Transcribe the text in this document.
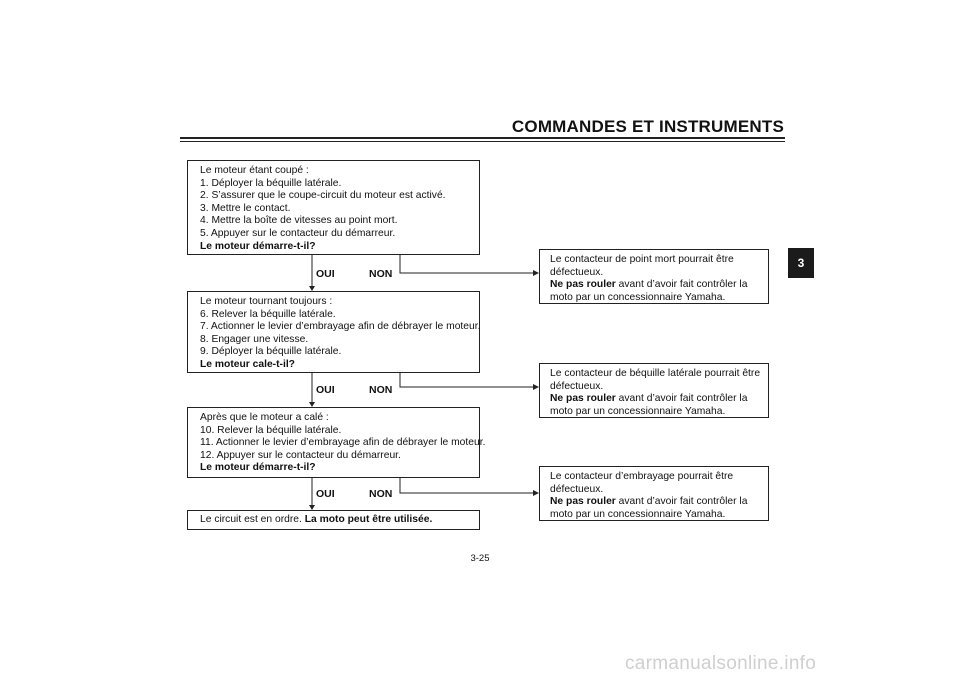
COMMANDES ET INSTRUMENTS
3
Le moteur étant coupé :
1. Déployer la béquille latérale.
2. S’assurer que le coupe-circuit du moteur est activé.
3. Mettre le contact.
4. Mettre la boîte de vitesses au point mort.
5. Appuyer sur le contacteur du démarreur.
Le moteur démarre-t-il?
Le moteur tournant toujours :
6. Relever la béquille latérale.
7. Actionner le levier d’embrayage afin de débrayer le moteur.
8. Engager une vitesse.
9. Déployer la béquille latérale.
Le moteur cale-t-il?
Après que le moteur a calé :
10. Relever la béquille latérale.
11. Actionner le levier d’embrayage afin de débrayer le moteur.
12. Appuyer sur le contacteur du démarreur.
Le moteur démarre-t-il?
Le circuit est en ordre. La moto peut être utilisée.
OUI	NON
OUI	NON
OUI	NON
Le contacteur de point mort pourrait être
défectueux.
Ne pas rouler avant d’avoir fait contrôler la
moto par un concessionnaire Yamaha.
Le contacteur de béquille latérale pourrait être
défectueux.
Ne pas rouler avant d’avoir fait contrôler la
moto par un concessionnaire Yamaha.
Le contacteur d’embrayage pourrait être
défectueux.
Ne pas rouler avant d’avoir fait contrôler la
moto par un concessionnaire Yamaha.
3-25
carmanualsonline.info
